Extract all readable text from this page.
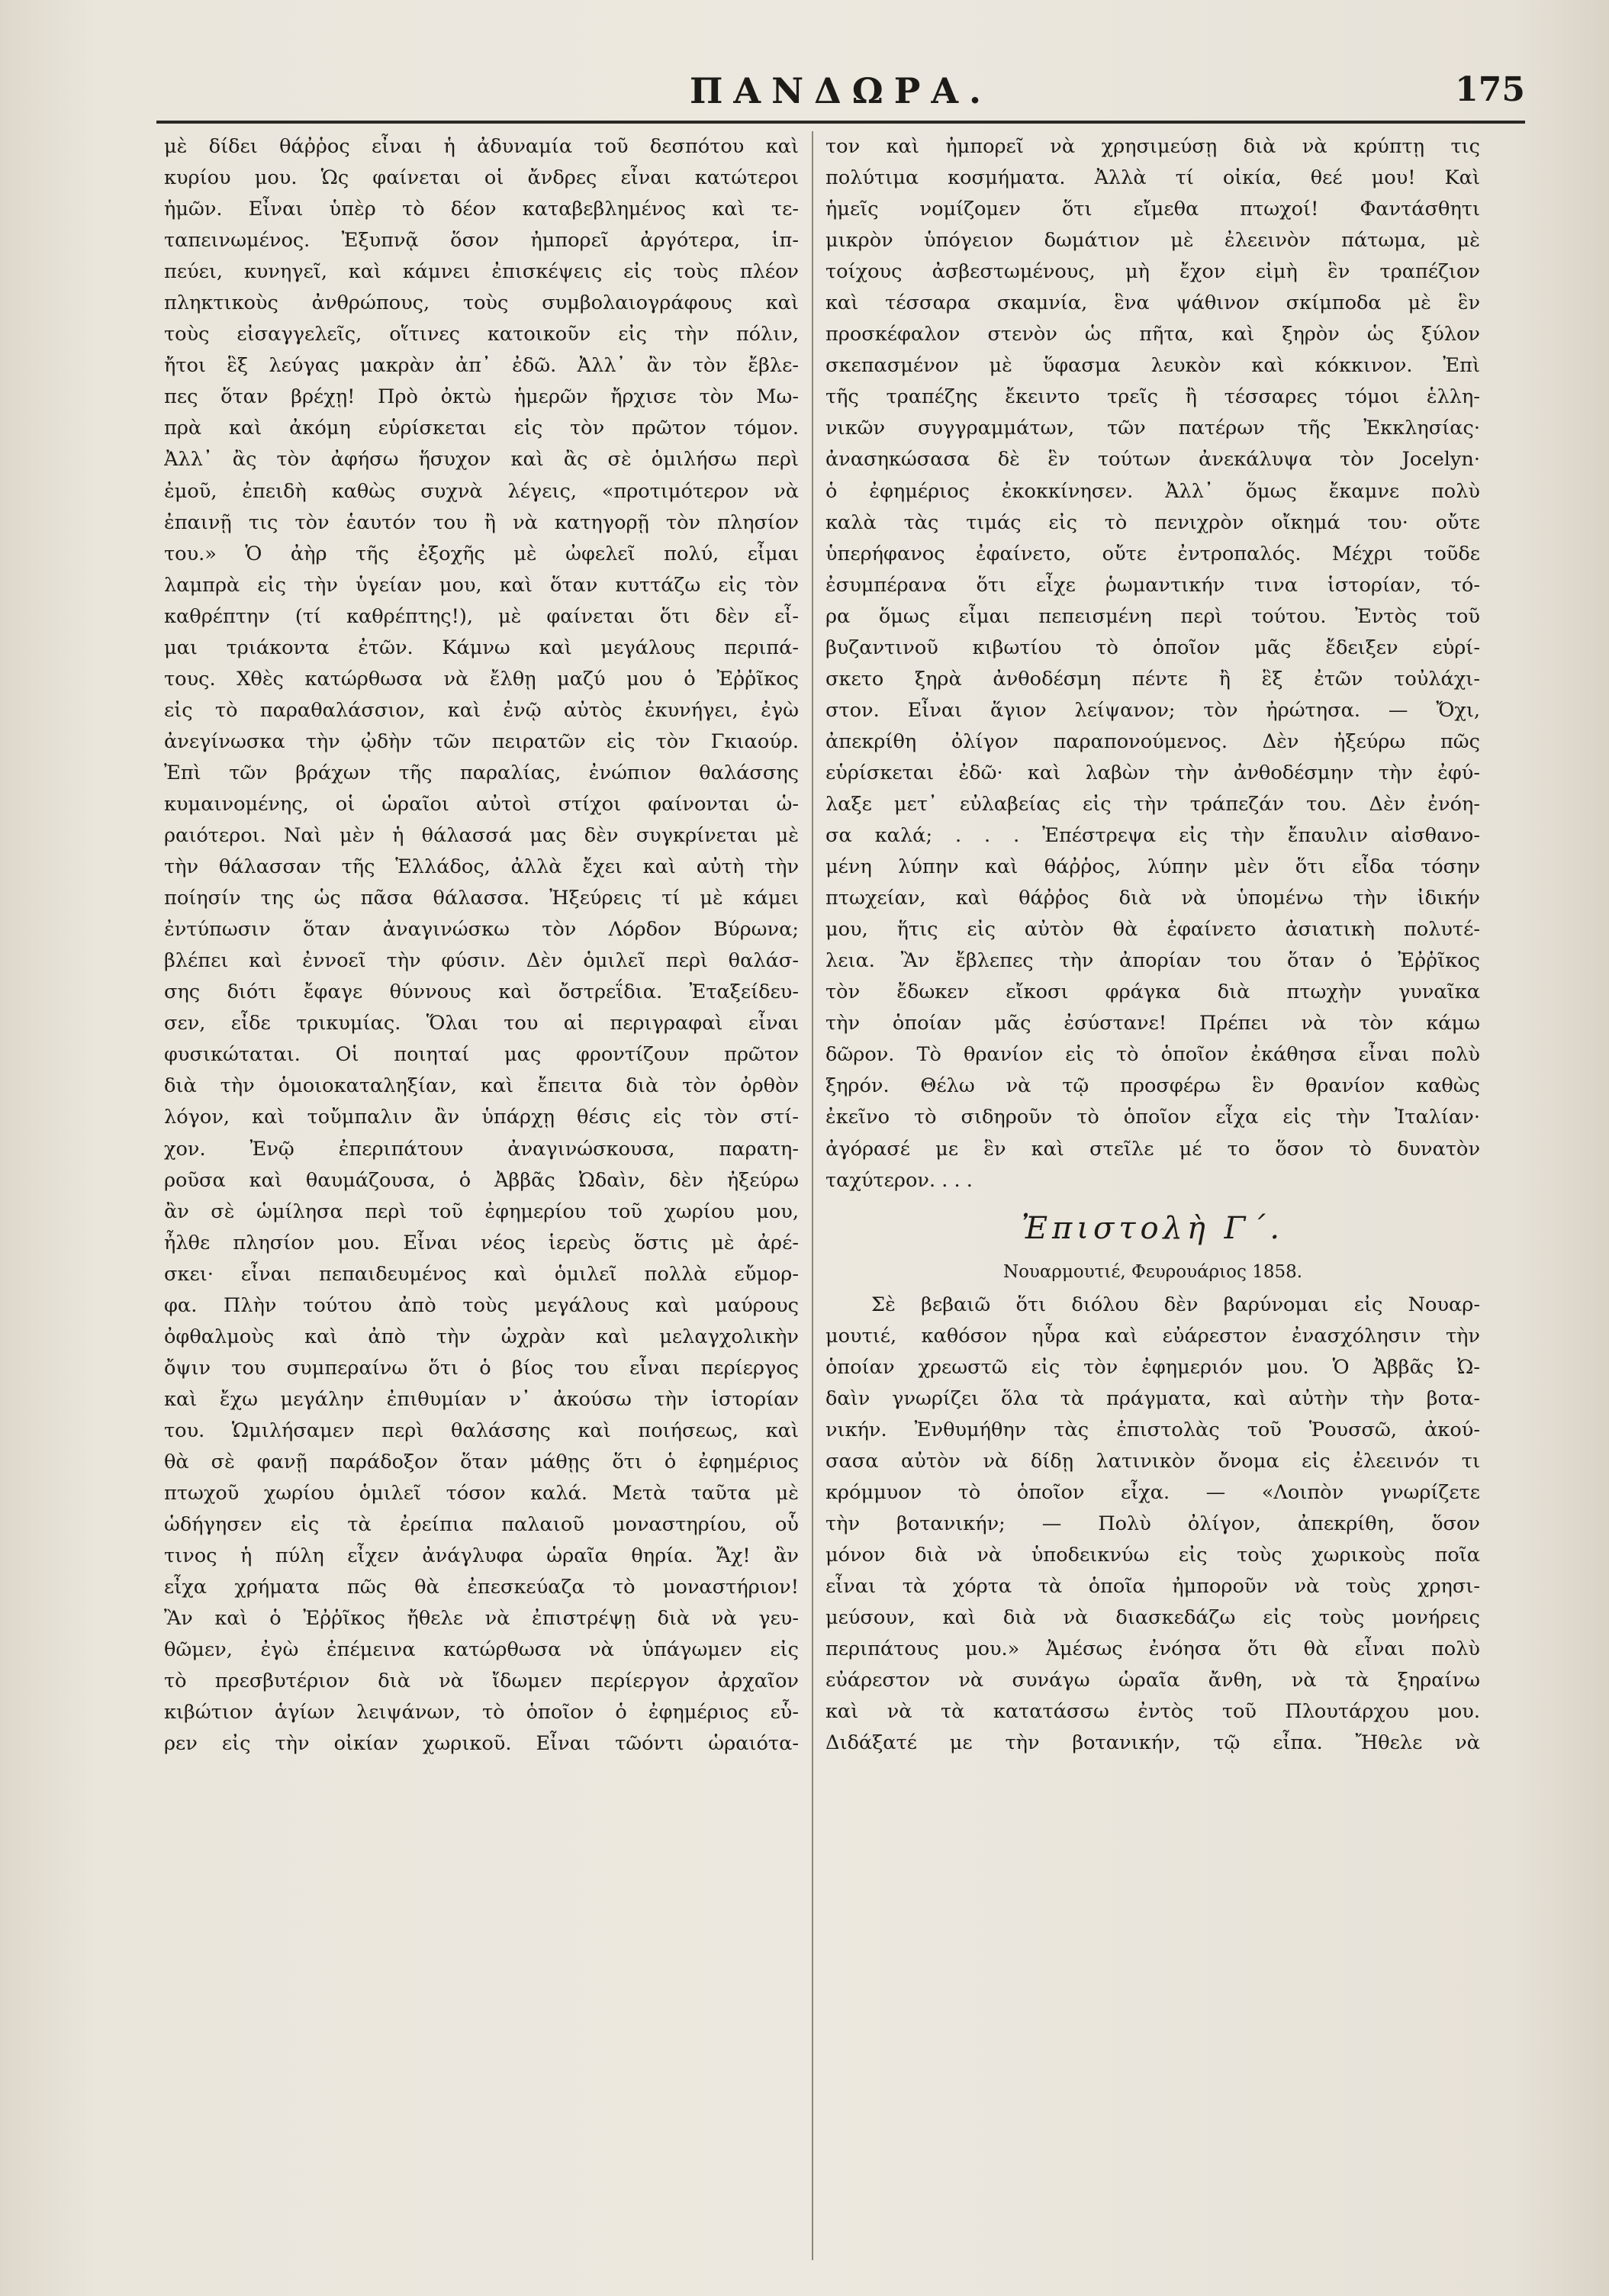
ΠΑΝΔΩΡΑ.	175
μὲ δίδει θάῤῥος εἶναι ἡ ἀδυναμία τοῦ δεσπότου καὶ
κυρίου μου. Ὡς φαίνεται οἱ ἄνδρες εἶναι κατώτεροι
ἡμῶν. Εἶναι ὑπὲρ τὸ δέον καταβεβλημένος καὶ τε-
ταπεινωμένος. Ἐξυπνᾷ ὅσον ἠμπορεῖ ἀργότερα, ἱπ-
πεύει, κυνηγεῖ, καὶ κάμνει ἐπισκέψεις εἰς τοὺς πλέον
πληκτικοὺς ἀνθρώπους, τοὺς συμβολαιογράφους καὶ
τοὺς εἰσαγγελεῖς, οἵτινες κατοικοῦν εἰς τὴν πόλιν,
ἤτοι ἓξ λεύγας μακρὰν ἀπ᾽ ἐδῶ. Ἀλλ᾽ ἂν τὸν ἔβλε-
πες ὅταν βρέχῃ! Πρὸ ὀκτὼ ἡμερῶν ἤρχισε τὸν Μω-
πρὰ καὶ ἀκόμη εὑρίσκεται εἰς τὸν πρῶτον τόμον.
Ἀλλ᾽ ἂς τὸν ἀφήσω ἥσυχον καὶ ἂς σὲ ὁμιλήσω περὶ
ἐμοῦ, ἐπειδὴ καθὼς συχνὰ λέγεις, «προτιμότερον νὰ
ἐπαινῇ τις τὸν ἑαυτόν του ἢ νὰ κατηγορῇ τὸν πλησίον
του.» Ὁ ἀὴρ τῆς ἐξοχῆς μὲ ὠφελεῖ πολύ, εἶμαι
λαμπρὰ εἰς τὴν ὑγείαν μου, καὶ ὅταν κυττάζω εἰς τὸν
καθρέπτην (τί καθρέπτης!), μὲ φαίνεται ὅτι δὲν εἶ-
μαι τριάκοντα ἐτῶν. Κάμνω καὶ μεγάλους περιπά-
τους. Χθὲς κατώρθωσα νὰ ἔλθῃ μαζύ μου ὁ Ἐῤῥῖκος
εἰς τὸ παραθαλάσσιον, καὶ ἐνῷ αὐτὸς ἐκυνήγει, ἐγὼ
ἀνεγίνωσκα τὴν ᾠδὴν τῶν πειρατῶν εἰς τὸν Γκιαούρ.
Ἐπὶ τῶν βράχων τῆς παραλίας, ἐνώπιον θαλάσσης
κυμαινομένης, οἱ ὡραῖοι αὐτοὶ στίχοι φαίνονται ὡ-
ραιότεροι. Ναὶ μὲν ἡ θάλασσά μας δὲν συγκρίνεται μὲ
τὴν θάλασσαν τῆς Ἑλλάδος, ἀλλὰ ἔχει καὶ αὐτὴ τὴν
ποίησίν της ὡς πᾶσα θάλασσα. Ἠξεύρεις τί μὲ κάμει
ἐντύπωσιν ὅταν ἀναγινώσκω τὸν Λόρδον Βύρωνα;
βλέπει καὶ ἐννοεῖ τὴν φύσιν. Δὲν ὁμιλεῖ περὶ θαλάσ-
σης διότι ἔφαγε θύννους καὶ ὄστρεΐδια. Ἐταξείδευ-
σεν, εἶδε τρικυμίας. Ὅλαι του αἱ περιγραφαὶ εἶναι
φυσικώταται. Οἱ ποιηταί μας φροντίζουν πρῶτον
διὰ τὴν ὁμοιοκαταληξίαν, καὶ ἔπειτα διὰ τὸν ὀρθὸν
λόγον, καὶ τοὔμπαλιν ἂν ὑπάρχῃ θέσις εἰς τὸν στί-
χον. Ἐνῷ ἐπεριπάτουν ἀναγινώσκουσα, παρατη-
ροῦσα καὶ θαυμάζουσα, ὁ Ἀββᾶς Ὠδαὶν, δὲν ἠξεύρω
ἂν σὲ ὡμίλησα περὶ τοῦ ἐφημερίου τοῦ χωρίου μου,
ἦλθε πλησίον μου. Εἶναι νέος ἱερεὺς ὅστις μὲ ἀρέ-
σκει· εἶναι πεπαιδευμένος καὶ ὁμιλεῖ πολλὰ εὔμορ-
φα. Πλὴν τούτου ἀπὸ τοὺς μεγάλους καὶ μαύρους
ὀφθαλμοὺς καὶ ἀπὸ τὴν ὠχρὰν καὶ μελαγχολικὴν
ὄψιν του συμπεραίνω ὅτι ὁ βίος του εἶναι περίεργος
καὶ ἔχω μεγάλην ἐπιθυμίαν ν᾽ ἀκούσω τὴν ἱστορίαν
του. Ὡμιλήσαμεν περὶ θαλάσσης καὶ ποιήσεως, καὶ
θὰ σὲ φανῇ παράδοξον ὅταν μάθῃς ὅτι ὁ ἐφημέριος
πτωχοῦ χωρίου ὁμιλεῖ τόσον καλά. Μετὰ ταῦτα μὲ
ὡδήγησεν εἰς τὰ ἐρείπια παλαιοῦ μοναστηρίου, οὗ
τινος ἡ πύλη εἶχεν ἀνάγλυφα ὡραῖα θηρία. Ἄχ! ἂν
εἶχα χρήματα πῶς θὰ ἐπεσκεύαζα τὸ μοναστήριον!
Ἂν καὶ ὁ Ἐῤῥῖκος ἤθελε νὰ ἐπιστρέψῃ διὰ νὰ γευ-
θῶμεν, ἐγὼ ἐπέμεινα κατώρθωσα νὰ ὑπάγωμεν εἰς
τὸ πρεσβυτέριον διὰ νὰ ἴδωμεν περίεργον ἀρχαῖον
κιβώτιον ἁγίων λειψάνων, τὸ ὁποῖον ὁ ἐφημέριος εὗ-
ρεν εἰς τὴν οἰκίαν χωρικοῦ. Εἶναι τῶόντι ὡραιότα-
τον καὶ ἠμπορεῖ νὰ χρησιμεύσῃ διὰ νὰ κρύπτῃ τις
πολύτιμα κοσμήματα. Ἀλλὰ τί οἰκία, θεέ μου! Καὶ
ἡμεῖς νομίζομεν ὅτι εἴμεθα πτωχοί! Φαντάσθητι
μικρὸν ὑπόγειον δωμάτιον μὲ ἐλεεινὸν πάτωμα, μὲ
τοίχους ἀσβεστωμένους, μὴ ἔχον εἰμὴ ἓν τραπέζιον
καὶ τέσσαρα σκαμνία, ἓνα ψάθινον σκίμποδα μὲ ἓν
προσκέφαλον στενὸν ὡς πῆτα, καὶ ξηρὸν ὡς ξύλον
σκεπασμένον μὲ ὕφασμα λευκὸν καὶ κόκκινον. Ἐπὶ
τῆς τραπέζης ἔκειντο τρεῖς ἢ τέσσαρες τόμοι ἑλλη-
νικῶν συγγραμμάτων, τῶν πατέρων τῆς Ἐκκλησίας·
ἀνασηκώσασα δὲ ἓν τούτων ἀνεκάλυψα τὸν Jocelyn·
ὁ ἐφημέριος ἐκοκκίνησεν. Ἀλλ᾽ ὅμως ἔκαμνε πολὺ
καλὰ τὰς τιμάς εἰς τὸ πενιχρὸν οἴκημά του· οὔτε
ὑπερήφανος ἐφαίνετο, οὔτε ἐντροπαλός. Μέχρι τοῦδε
ἐσυμπέρανα ὅτι εἶχε ῥωμαντικήν τινα ἱστορίαν, τό-
ρα ὅμως εἶμαι πεπεισμένη περὶ τούτου. Ἐντὸς τοῦ
βυζαντινοῦ κιβωτίου τὸ ὁποῖον μᾶς ἔδειξεν εὑρί-
σκετο ξηρὰ ἀνθοδέσμη πέντε ἢ ἓξ ἐτῶν τοὐλάχι-
στον. Εἶναι ἅγιον λείψανον; τὸν ἠρώτησα. — Ὄχι,
ἀπεκρίθη ὀλίγον παραπονούμενος. Δὲν ἠξεύρω πῶς
εὑρίσκεται ἐδῶ· καὶ λαβὼν τὴν ἀνθοδέσμην τὴν ἐφύ-
λαξε μετ᾽ εὐλαβείας εἰς τὴν τράπεζάν του. Δὲν ἐνόη-
σα καλά; . . . Ἐπέστρεψα εἰς τὴν ἔπαυλιν αἰσθανο-
μένη λύπην καὶ θάῤῥος, λύπην μὲν ὅτι εἶδα τόσην
πτωχείαν, καὶ θάῤῥος διὰ νὰ ὑπομένω τὴν ἰδικήν
μου, ἥτις εἰς αὐτὸν θὰ ἐφαίνετο ἀσιατικὴ πολυτέ-
λεια. Ἂν ἔβλεπες τὴν ἀπορίαν του ὅταν ὁ Ἐῤῥῖκος
τὸν ἔδωκεν εἴκοσι φράγκα διὰ πτωχὴν γυναῖκα
τὴν ὁποίαν μᾶς ἐσύστανε! Πρέπει νὰ τὸν κάμω
δῶρον. Τὸ θρανίον εἰς τὸ ὁποῖον ἐκάθησα εἶναι πολὺ
ξηρόν. Θέλω νὰ τῷ προσφέρω ἓν θρανίον καθὼς
ἐκεῖνο τὸ σιδηροῦν τὸ ὁποῖον εἶχα εἰς τὴν Ἰταλίαν·
ἀγόρασέ με ἓν καὶ στεῖλε μέ το ὅσον τὸ δυνατὸν
ταχύτερον. . . .
Ἐπιστολὴ Γ΄.
Νουαρμουτιέ, Φευρουάριος 1858.
Σὲ βεβαιῶ ὅτι διόλου δὲν βαρύνομαι εἰς Νουαρ-
μουτιέ, καθόσον ηὗρα καὶ εὐάρεστον ἐνασχόλησιν τὴν
ὁποίαν χρεωστῶ εἰς τὸν ἐφημεριόν μου. Ὁ Ἀββᾶς Ὠ-
δαὶν γνωρίζει ὅλα τὰ πράγματα, καὶ αὐτὴν τὴν βοτα-
νικήν. Ἐνθυμήθην τὰς ἐπιστολὰς τοῦ Ῥουσσῶ, ἀκού-
σασα αὐτὸν νὰ δίδῃ λατινικὸν ὄνομα εἰς ἐλεεινόν τι
κρόμμυον τὸ ὁποῖον εἶχα. — «Λοιπὸν γνωρίζετε
τὴν βοτανικήν; — Πολὺ ὀλίγον, ἀπεκρίθη, ὅσον
μόνον διὰ νὰ ὑποδεικνύω εἰς τοὺς χωρικοὺς ποῖα
εἶναι τὰ χόρτα τὰ ὁποῖα ἠμποροῦν νὰ τοὺς χρησι-
μεύσουν, καὶ διὰ νὰ διασκεδάζω εἰς τοὺς μονήρεις
περιπάτους μου.» Ἀμέσως ἐνόησα ὅτι θὰ εἶναι πολὺ
εὐάρεστον νὰ συνάγω ὡραῖα ἄνθη, νὰ τὰ ξηραίνω
καὶ νὰ τὰ κατατάσσω ἐντὸς τοῦ Πλουτάρχου μου.
Διδάξατέ με τὴν βοτανικήν, τῷ εἶπα. Ἤθελε νὰ
